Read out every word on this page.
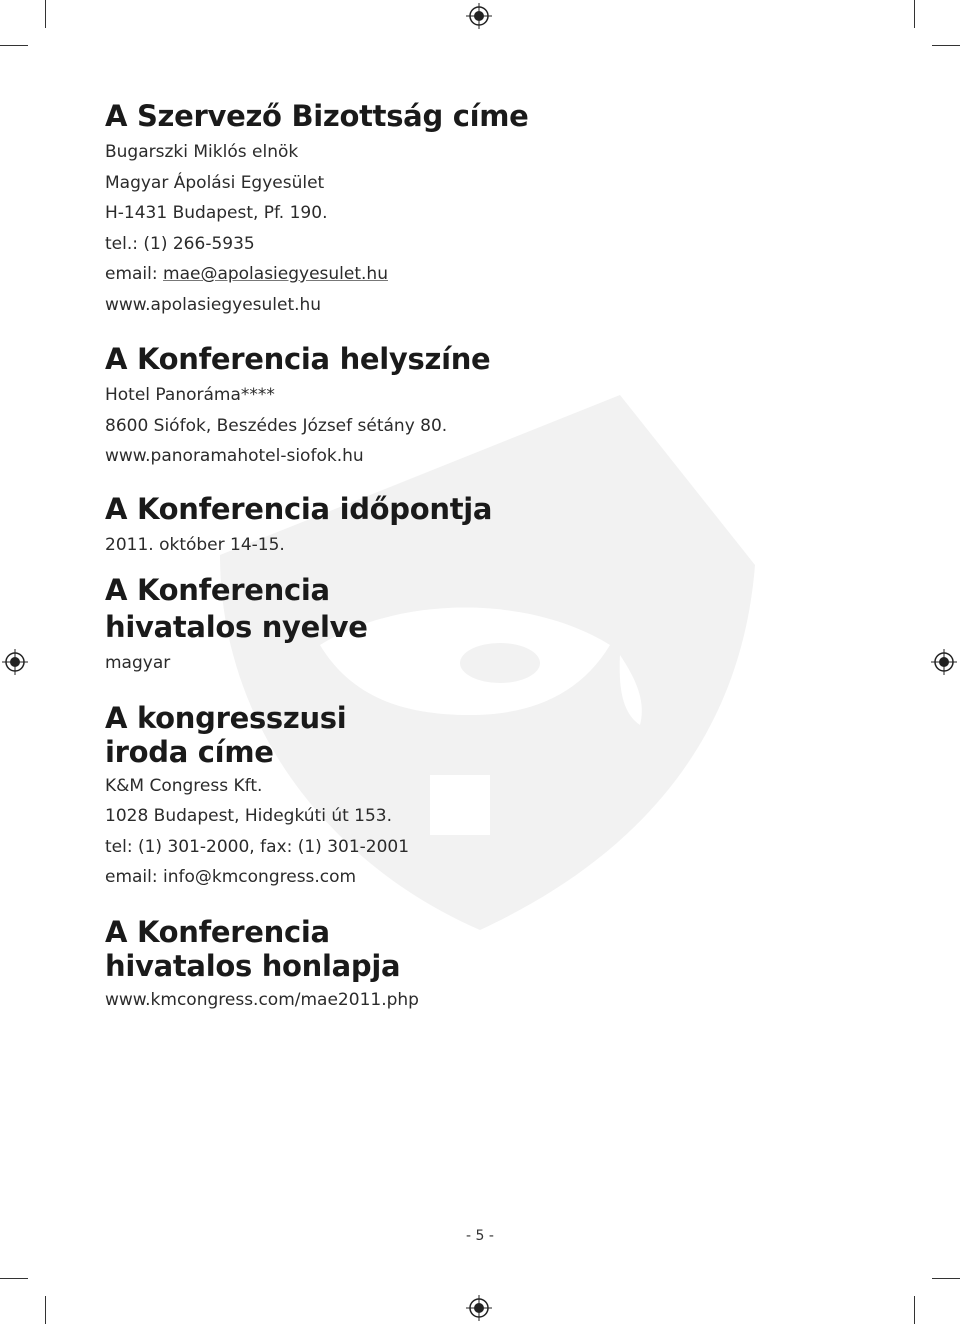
A Szervező Bizottság címe

Bugarszki Miklós elnök

Magyar Ápolási Egyesület

H-1431 Budapest, Pf. 190.

tel.: (1) 266-5935

email: mae@apolasiegyesulet.hu

www.apolasiegyesulet.hu

A Konferencia helyszíne

Hotel Panoráma****

8600 Siófok, Beszédes József sétány 80.

www.panoramahotel-siofok.hu

A Konferencia időpontja

2011. október 14-15.

A Konferencia
hivatalos nyelve

magyar

A kongresszusi
iroda címe

K&M Congress Kft.

1028 Budapest, Hidegkúti út 153.

tel: (1) 301-2000, fax: (1) 301-2001

email: info@kmcongress.com

A Konferencia
hivatalos honlapja

www.kmcongress.com/mae2011.php

- 5 -
